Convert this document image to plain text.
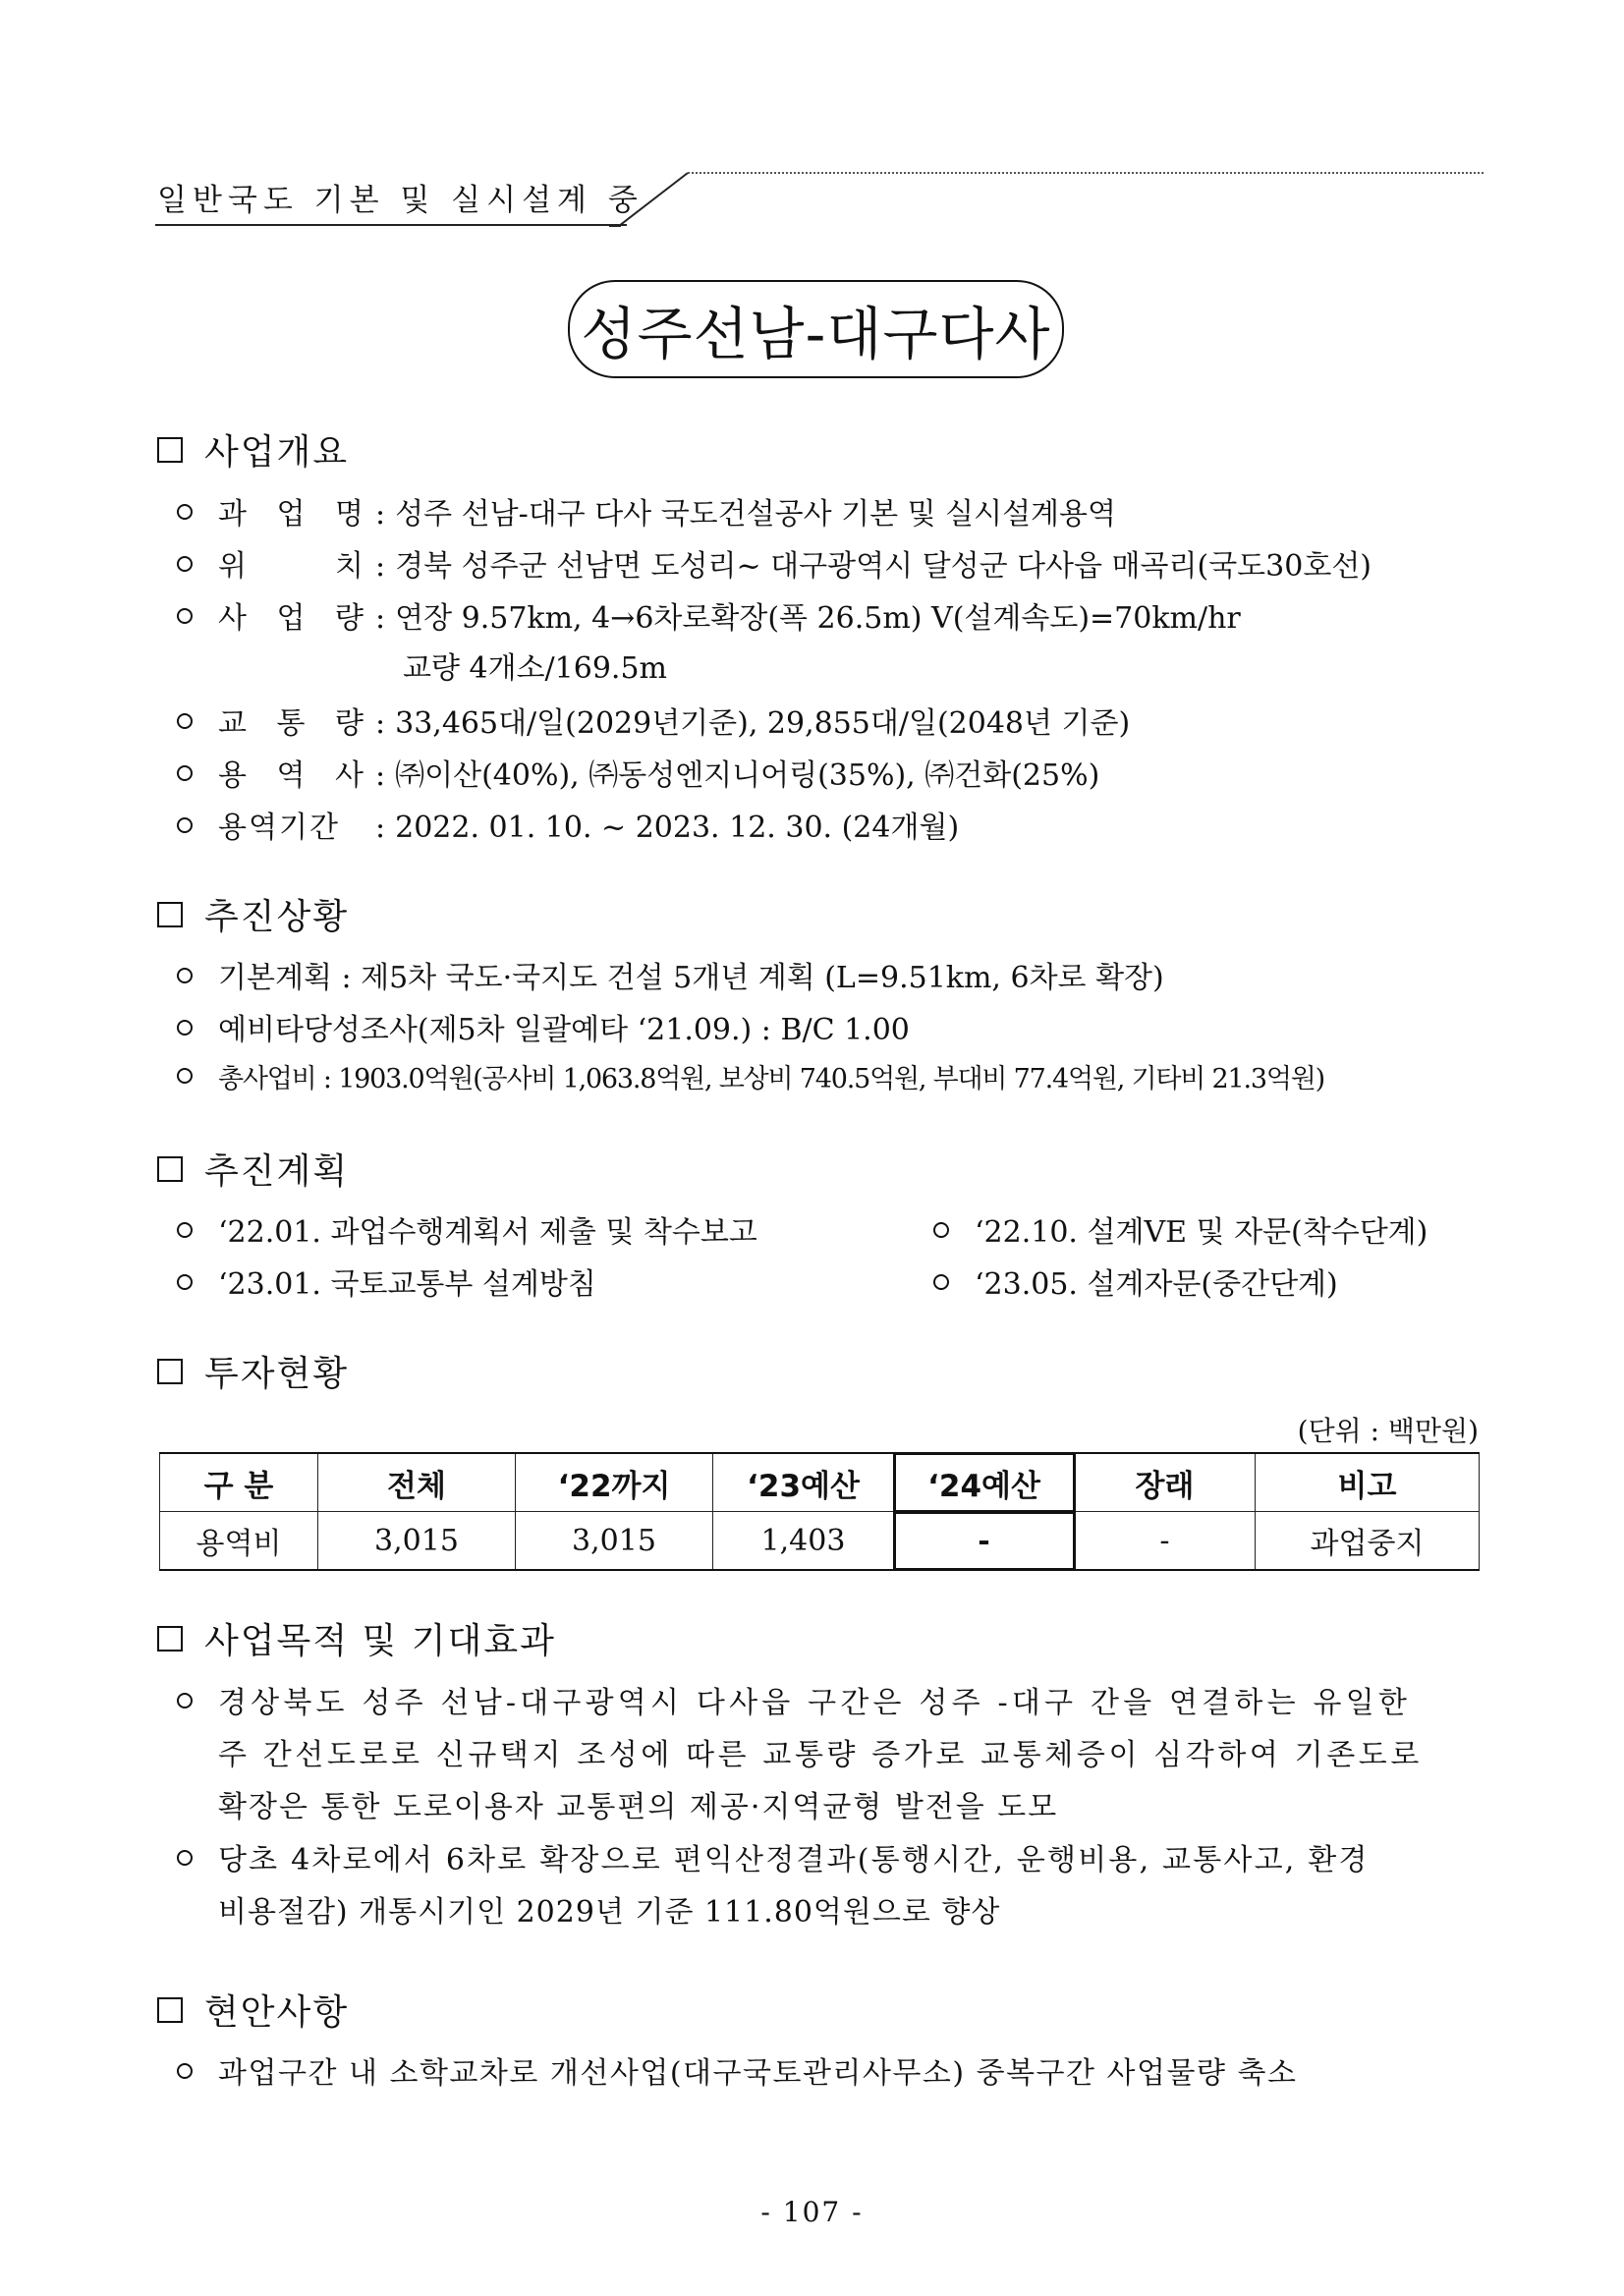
일반국도 기본 및 실시설계 중
성주선남-대구다사
사업개요
과 업 명 : 성주 선남-대구 다사 국도건설공사 기본 및 실시설계용역
위	치 : 경북 성주군 선남면 도성리~ 대구광역시 달성군 다사읍 매곡리(국도30호선)
사 업 량 : 연장 9.57km, 4→6차로확장(폭 26.5m) V(설계속도)=70km/hr
교량 4개소/169.5m
교 통 량 : 33,465대/일(2029년기준), 29,855대/일(2048년 기준)
용 역 사 : ㈜이산(40%), ㈜동성엔지니어링(35%), ㈜건화(25%)
용역기간 : 2022. 01. 10. ~ 2023. 12. 30. (24개월)
추진상황
기본계획 : 제5차 국도·국지도 건설 5개년 계획 (L=9.51km, 6차로 확장)
예비타당성조사(제5차 일괄예타 ‘21.09.) : B/C 1.00
총사업비 : 1903.0억원(공사비 1,063.8억원, 보상비 740.5억원, 부대비 77.4억원, 기타비 21.3억원)
추진계획
‘22.01. 과업수행계획서 제출 및 착수보고
‘23.01. 국토교통부 설계방침
‘22.10. 설계VE 및 자문(착수단계)
‘23.05. 설계자문(중간단계)
투자현황
(단위 : 백만원)
구 분	전체	‘22까지	‘23예산	‘24예산	장래	비고
용역비	3,015	3,015	1,403	-	-	과업중지
사업목적 및 기대효과
경상북도 성주 선남-대구광역시 다사읍 구간은 성주 -대구 간을 연결하는 유일한
주 간선도로로 신규택지 조성에 따른 교통량 증가로 교통체증이 심각하여 기존도로
확장은 통한 도로이용자 교통편의 제공·지역균형 발전을 도모
당초 4차로에서 6차로 확장으로 편익산정결과(통행시간, 운행비용, 교통사고, 환경
비용절감) 개통시기인 2029년 기준 111.80억원으로 향상
현안사항
과업구간 내 소학교차로 개선사업(대구국토관리사무소) 중복구간 사업물량 축소
- 107 -
